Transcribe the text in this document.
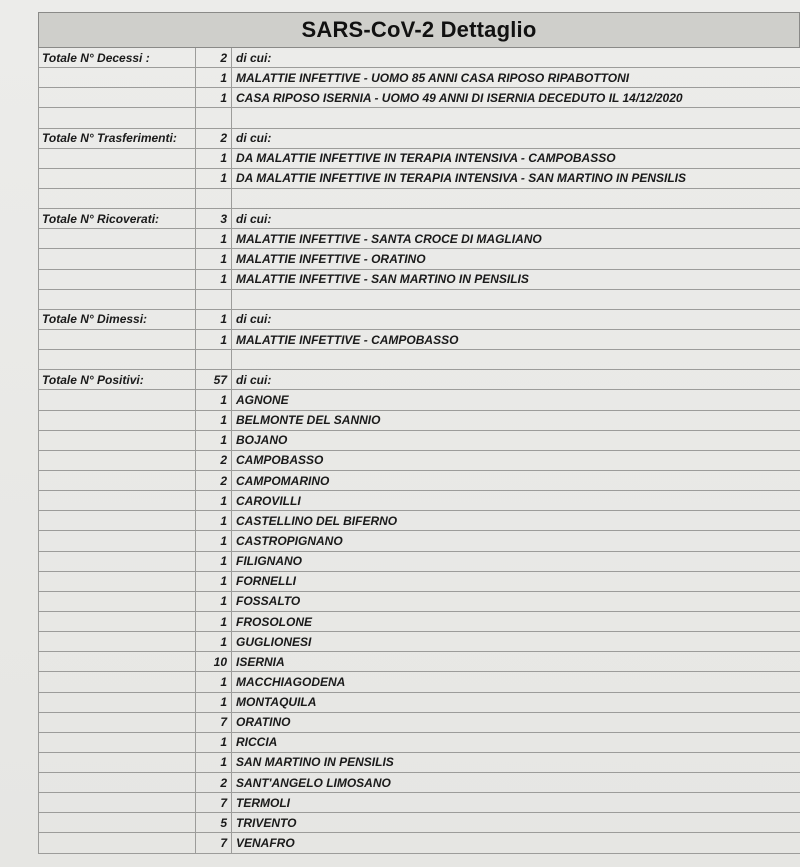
SARS-CoV-2 Dettaglio
Totale N° Decessi :	2 di cui:
1 MALATTIE INFETTIVE - UOMO 85 ANNI CASA RIPOSO RIPABOTTONI
1 CASA RIPOSO ISERNIA - UOMO 49 ANNI DI ISERNIA DECEDUTO IL 14/12/2020
Totale N° Trasferimenti:	2 di cui:
1 DA MALATTIE INFETTIVE IN TERAPIA INTENSIVA - CAMPOBASSO
1 DA MALATTIE INFETTIVE IN TERAPIA INTENSIVA - SAN MARTINO IN PENSILIS
Totale N° Ricoverati:	3 di cui:
1 MALATTIE INFETTIVE - SANTA CROCE DI MAGLIANO
1 MALATTIE INFETTIVE - ORATINO
1 MALATTIE INFETTIVE - SAN MARTINO IN PENSILIS
Totale N° Dimessi:	1 di cui:
1 MALATTIE INFETTIVE - CAMPOBASSO
Totale N° Positivi:	57 di cui:
1 AGNONE
1 BELMONTE DEL SANNIO
1 BOJANO
2 CAMPOBASSO
2 CAMPOMARINO
1 CAROVILLI
1 CASTELLINO DEL BIFERNO
1 CASTROPIGNANO
1 FILIGNANO
1 FORNELLI
1 FOSSALTO
1 FROSOLONE
1 GUGLIONESI
10 ISERNIA
1 MACCHIAGODENA
1 MONTAQUILA
7 ORATINO
1 RICCIA
1 SAN MARTINO IN PENSILIS
2 SANT'ANGELO LIMOSANO
7 TERMOLI
5 TRIVENTO
7 VENAFRO
